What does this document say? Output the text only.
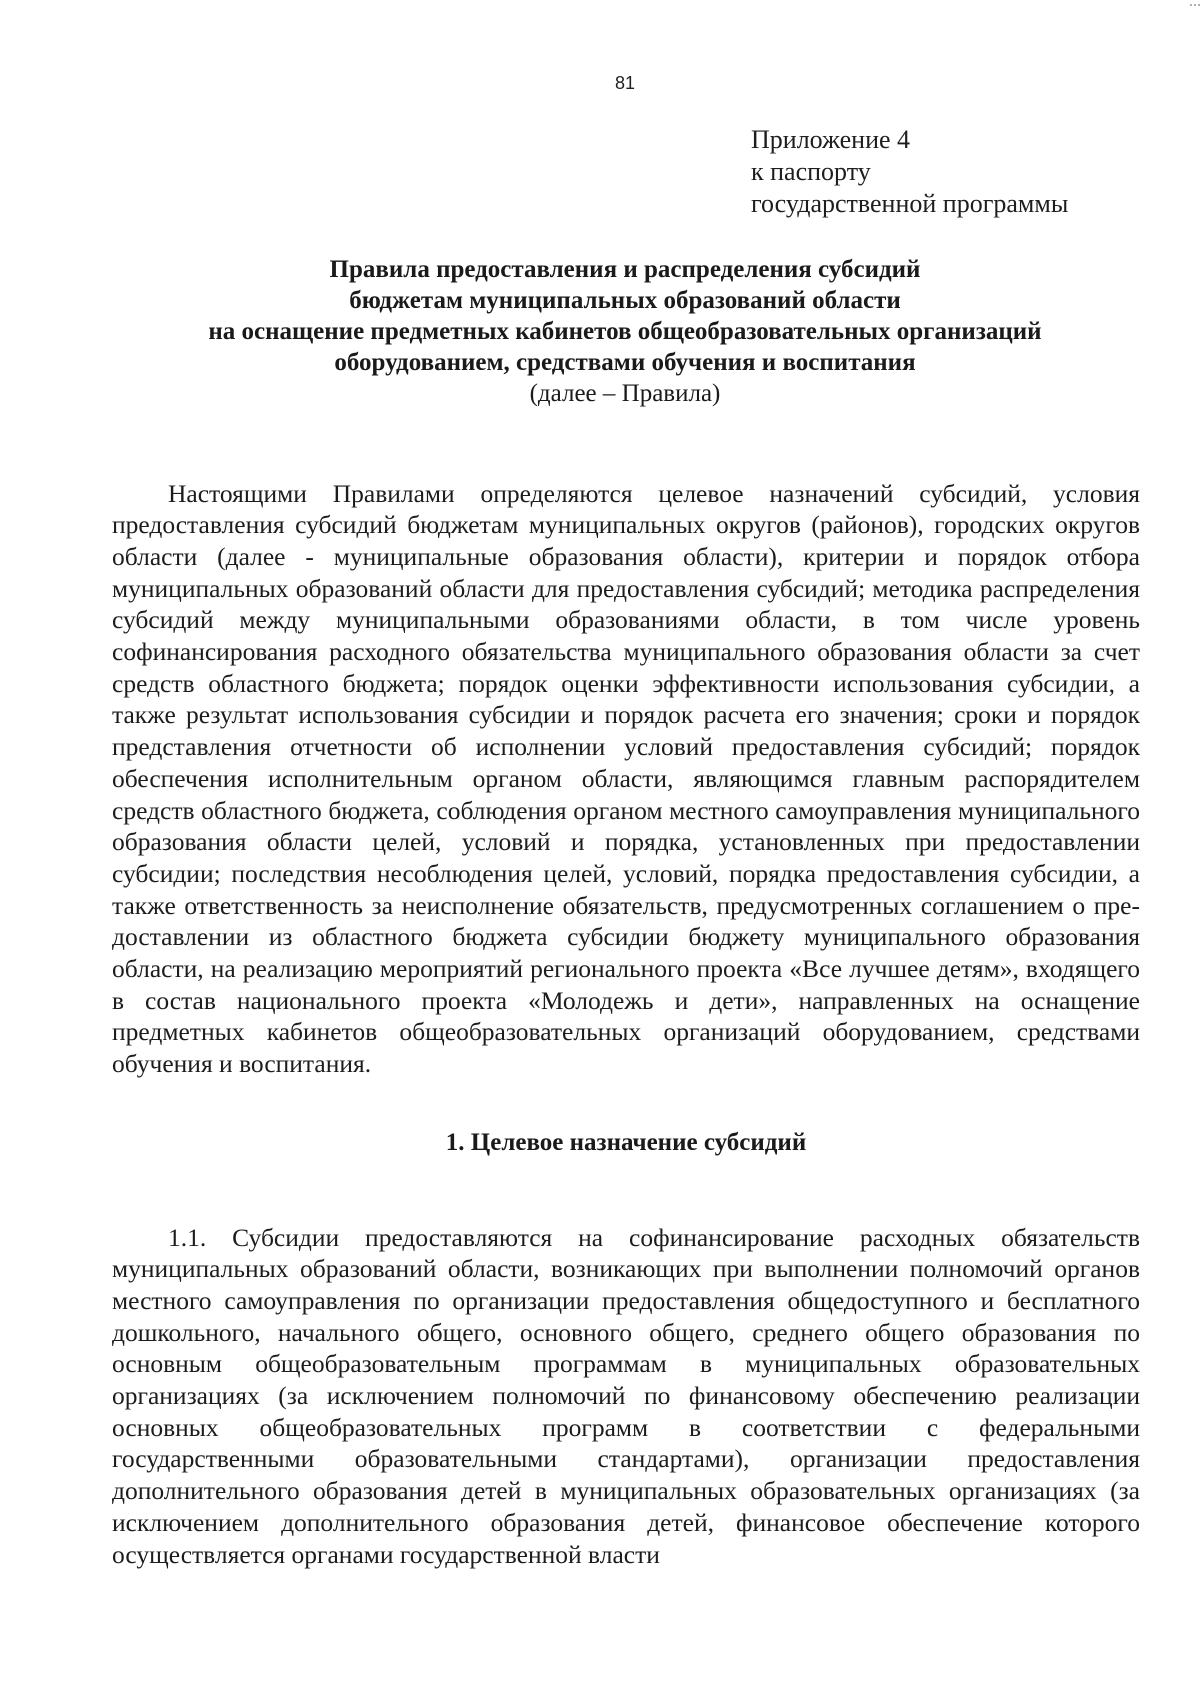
81
Приложение 4
к паспорту
государственной программы
Правила предоставления и распределения субсидий
бюджетам муниципальных образований области
на оснащение предметных кабинетов общеобразовательных организаций
оборудованием, средствами обучения и воспитания
(далее – Правила)

Настоящими Правилами определяются целевое назначений субсидий, условия предоставления субсидий бюджетам муниципальных округов (районов), городских округов области (далее - муниципальные образования области), критерии и порядок отбора муниципальных образований области для предоставления субсидий; методика распределения субсидий между муниципальными образованиями области, в том числе уровень софинансирования расходного обязательства муниципального образования области за счет средств областного бюджета; порядок оценки эффективности использования субсидии, а также результат использования субсидии и порядок расчета его значения; сроки и порядок представления отчетности об исполнении условий предоставления субсидий; порядок обеспечения исполнительным органом области, являющимся главным распорядителем средств областного бюджета, соблюдения органом местного самоуправления муниципального образования области целей, условий и порядка, установленных при предоставлении субсидии; последствия несоблюдения целей, условий, порядка предоставления субсидии, а также ответственность за неисполнение обязательств, предусмотренных соглашением о предоставлении из областного бюджета субсидии бюджету муниципального образования области, на реализацию мероприятий регионального проекта «Все лучшее детям», входящего в состав национального проекта «Молодежь и дети», направленных на оснащение предметных кабинетов общеобразовательных организаций оборудованием, средствами обучения и воспитания.

1. Целевое назначение субсидий

1.1. Субсидии предоставляются на софинансирование расходных обязательств муниципальных образований области, возникающих при выполнении полномочий органов местного самоуправления по организации предоставления общедоступного и бесплатного дошкольного, начального общего, основного общего, среднего общего образования по основным общеобразовательным программам в муниципальных образовательных организациях (за исключением полномочий по финансовому обеспечению реализации основных общеобразовательных программ в соответствии с федеральными государственными образовательными стандартами), организации предоставления дополнительного образования детей в муниципальных образовательных организациях (за исключением дополнительного образования детей, финансовое обеспечение которого осуществляется органами государственной власти
